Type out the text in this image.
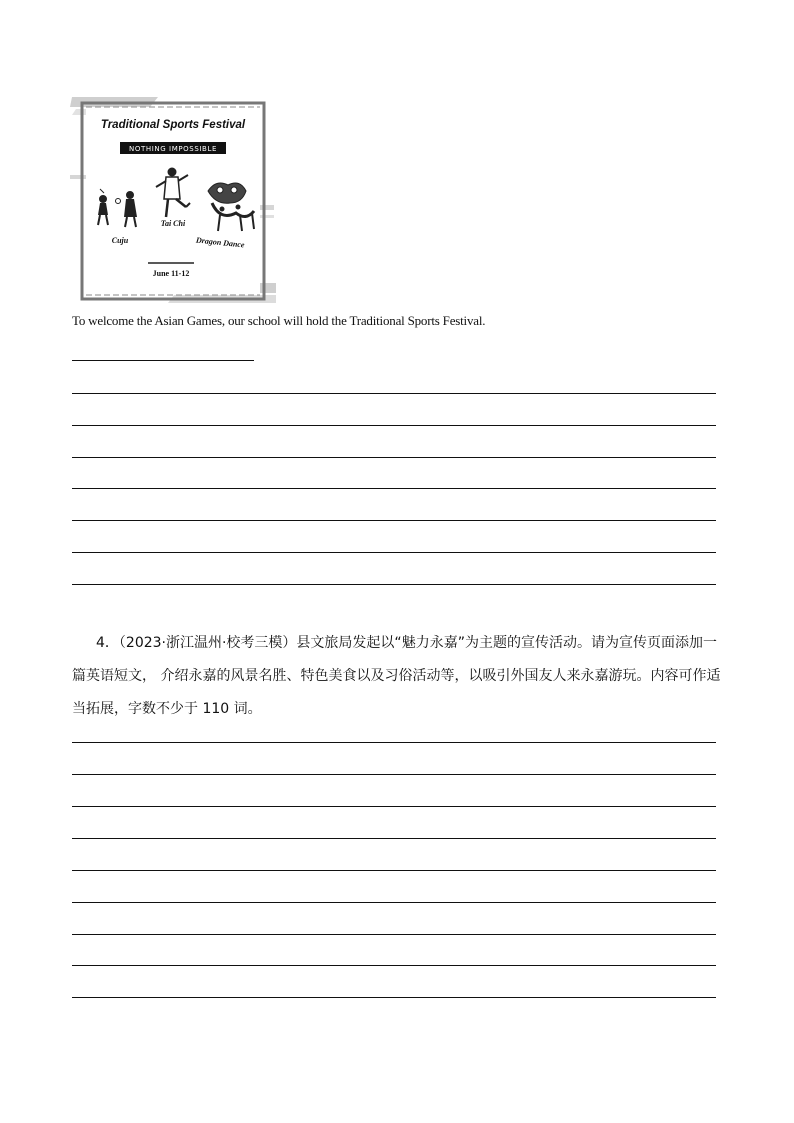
Traditional Sports Festival
NOTHING IMPOSSIBLE
Cuju
Tai Chi
Dragon Dance
June 11-12
To welcome the Asian Games, our school will hold the Traditional Sports Festival.
4．（2023·浙江温州·校考三模）县文旅局发起以“魅力永嘉”为主题的宣传活动。请为宣传页面添加一篇英语短文， 介绍永嘉的风景名胜、特色美食以及习俗活动等，以吸引外国友人来永嘉游玩。内容可作适当拓展，字数不少于 110 词。
